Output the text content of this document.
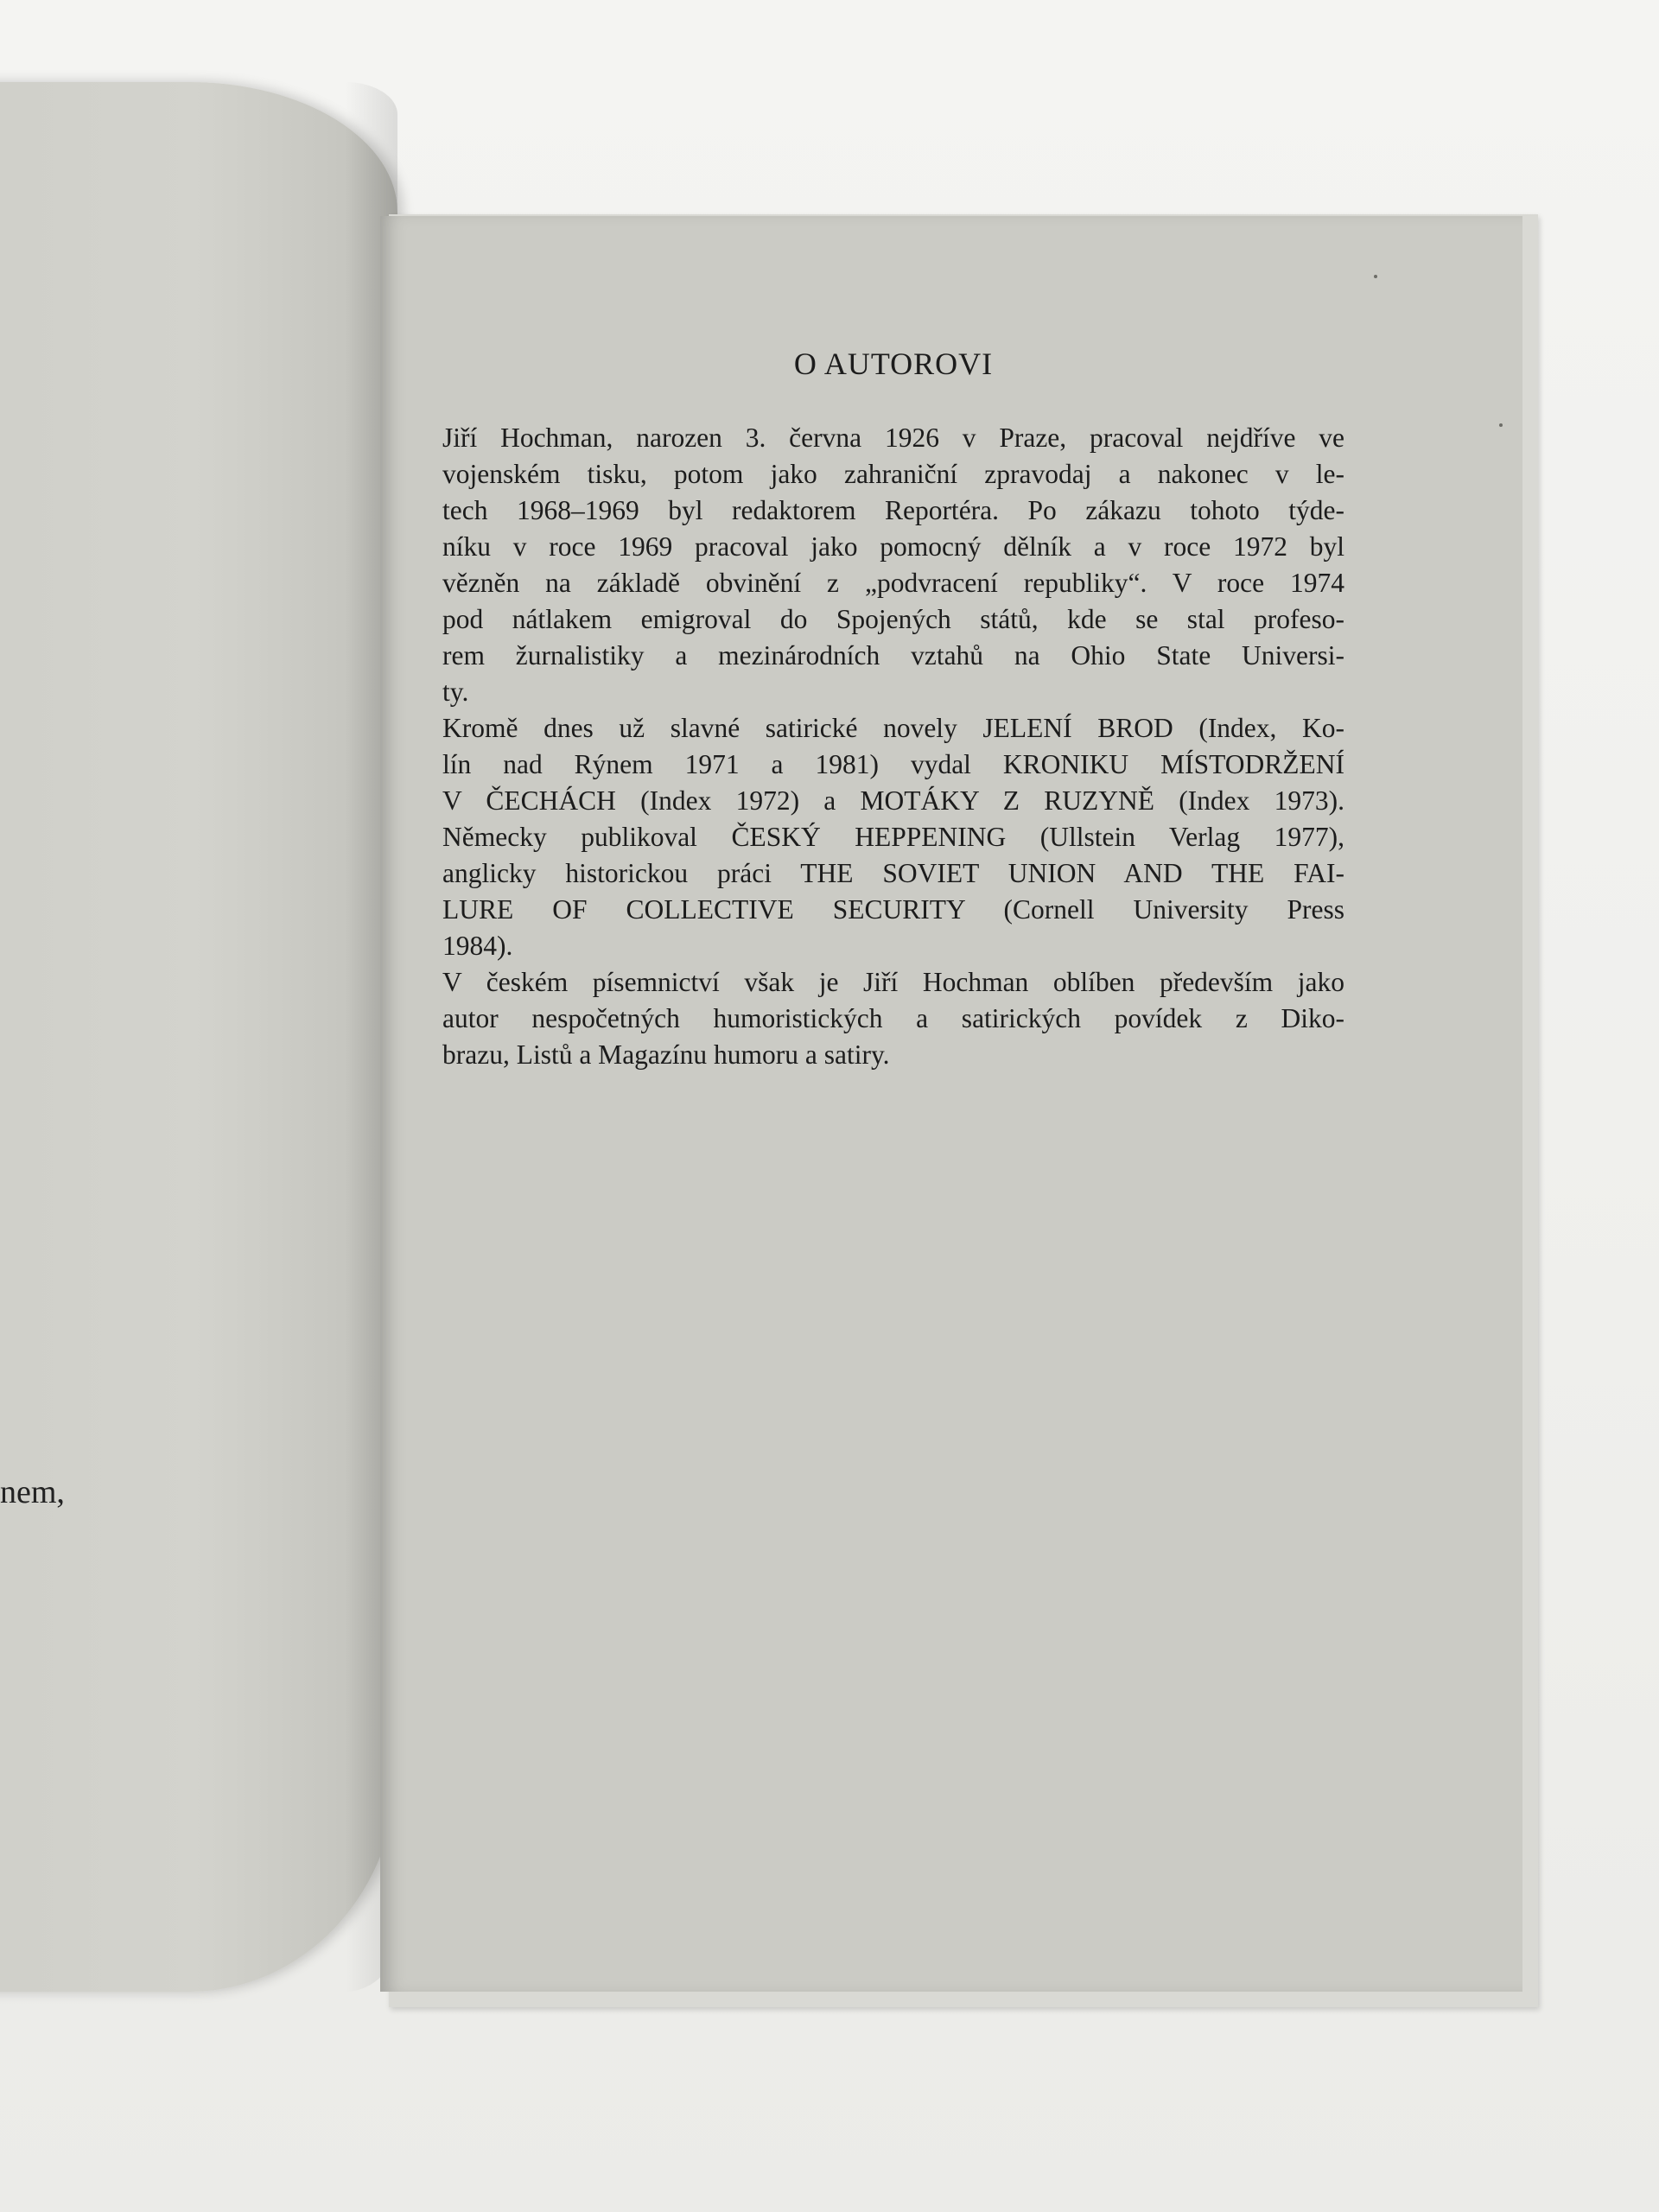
nem,
O AUTOROVI

Jiří Hochman, narozen 3. června 1926 v Praze, pracoval nejdříve ve
vojenském tisku, potom jako zahraniční zpravodaj a nakonec v le-
tech 1968–1969 byl redaktorem Reportéra. Po zákazu tohoto týde-
níku v roce 1969 pracoval jako pomocný dělník a v roce 1972 byl
vězněn na základě obvinění z „podvracení republiky“. V roce 1974
pod nátlakem emigroval do Spojených států, kde se stal profeso-
rem žurnalistiky a mezinárodních vztahů na Ohio State Universi-
ty.

Kromě dnes už slavné satirické novely JELENÍ BROD (Index, Ko-
lín nad Rýnem 1971 a 1981) vydal KRONIKU MÍSTODRŽENÍ
V ČECHÁCH (Index 1972) a MOTÁKY Z RUZYNĚ (Index 1973).
Německy publikoval ČESKÝ HEPPENING (Ullstein Verlag 1977),
anglicky historickou práci THE SOVIET UNION AND THE FAI-
LURE OF COLLECTIVE SECURITY (Cornell University Press
1984).

V českém písemnictví však je Jiří Hochman oblíben především jako
autor nespočetných humoristických a satirických povídek z Diko-
brazu, Listů a Magazínu humoru a satiry.
